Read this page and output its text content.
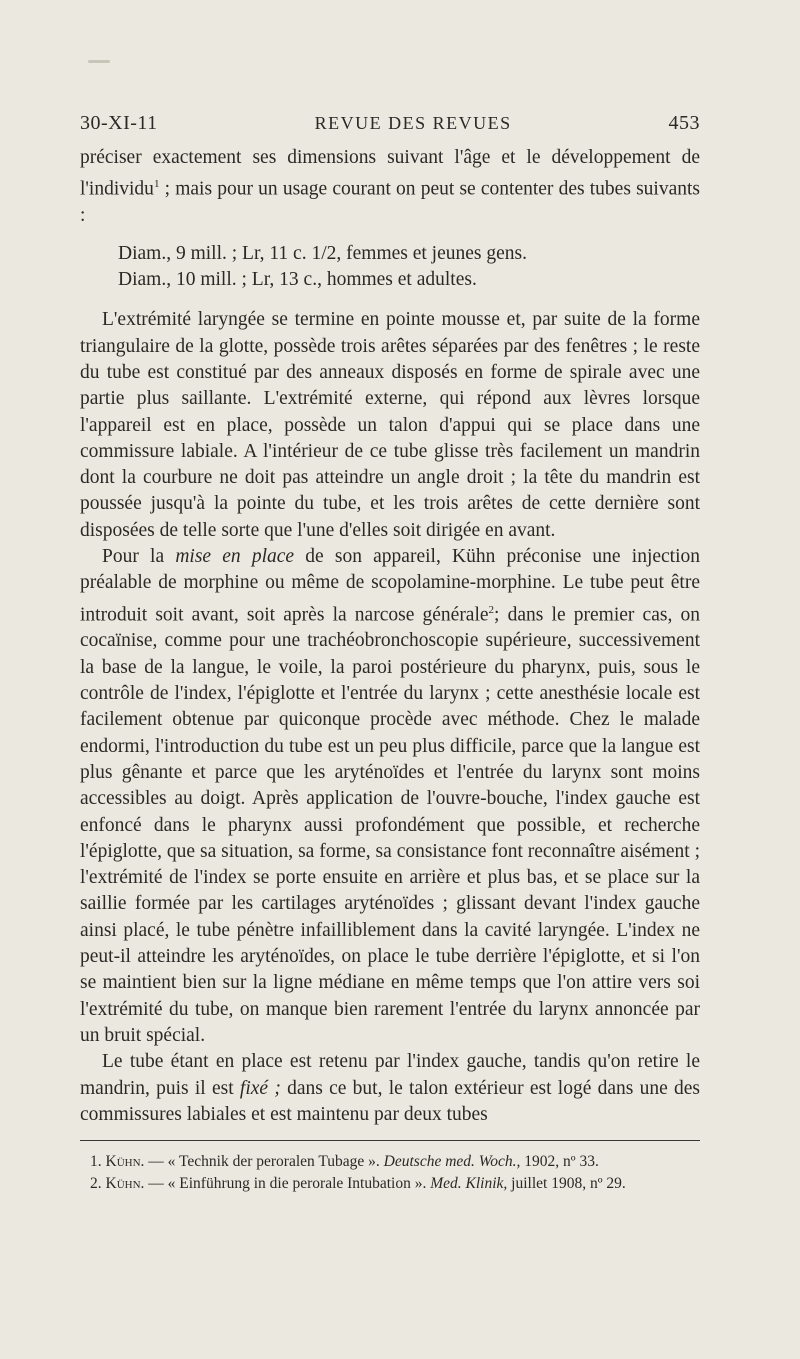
30-XI-11	REVUE DES REVUES	453

préciser exactement ses dimensions suivant l'âge et le développement de l'individu$^1$ ; mais pour un usage courant on peut se contenter des tubes suivants :

Diam., 9 mill. ; Lr, 11 c. 1/2, femmes et jeunes gens.
Diam., 10 mill. ; Lr, 13 c., hommes et adultes.

L'extrémité laryngée se termine en pointe mousse et, par suite de la forme triangulaire de la glotte, possède trois arêtes séparées par des fenêtres ; le reste du tube est constitué par des anneaux disposés en forme de spirale avec une partie plus saillante. L'extrémité externe, qui répond aux lèvres lorsque l'appareil est en place, possède un talon d'appui qui se place dans une commissure labiale. A l'intérieur de ce tube glisse très facilement un mandrin dont la courbure ne doit pas atteindre un angle droit ; la tête du mandrin est poussée jusqu'à la pointe du tube, et les trois arêtes de cette dernière sont disposées de telle sorte que l'une d'elles soit dirigée en avant.

Pour la mise en place de son appareil, Kühn préconise une injection préalable de morphine ou même de scopolamine-morphine. Le tube peut être introduit soit avant, soit après la narcose générale$^2$; dans le premier cas, on cocaïnise, comme pour une trachéobronchoscopie supérieure, successivement la base de la langue, le voile, la paroi postérieure du pharynx, puis, sous le contrôle de l'index, l'épiglotte et l'entrée du larynx ; cette anesthésie locale est facilement obtenue par quiconque procède avec méthode. Chez le malade endormi, l'introduction du tube est un peu plus difficile, parce que la langue est plus gênante et parce que les aryténoïdes et l'entrée du larynx sont moins accessibles au doigt. Après application de l'ouvre-bouche, l'index gauche est enfoncé dans le pharynx aussi profondément que possible, et recherche l'épiglotte, que sa situation, sa forme, sa consistance font reconnaître aisément ; l'extrémité de l'index se porte ensuite en arrière et plus bas, et se place sur la saillie formée par les cartilages aryténoïdes ; glissant devant l'index gauche ainsi placé, le tube pénètre infailliblement dans la cavité laryngée. L'index ne peut-il atteindre les aryténoïdes, on place le tube derrière l'épiglotte, et si l'on se maintient bien sur la ligne médiane en même temps que l'on attire vers soi l'extrémité du tube, on manque bien rarement l'entrée du larynx annoncée par un bruit spécial.

Le tube étant en place est retenu par l'index gauche, tandis qu'on retire le mandrin, puis il est fixé ; dans ce but, le talon extérieur est logé dans une des commissures labiales et est maintenu par deux tubes

1. Kühn. — « Technik der peroralen Tubage ». Deutsche med. Woch., 1902, nº 33.

2. Kühn. — « Einführung in die perorale Intubation ». Med. Klinik, juillet 1908, nº 29.
